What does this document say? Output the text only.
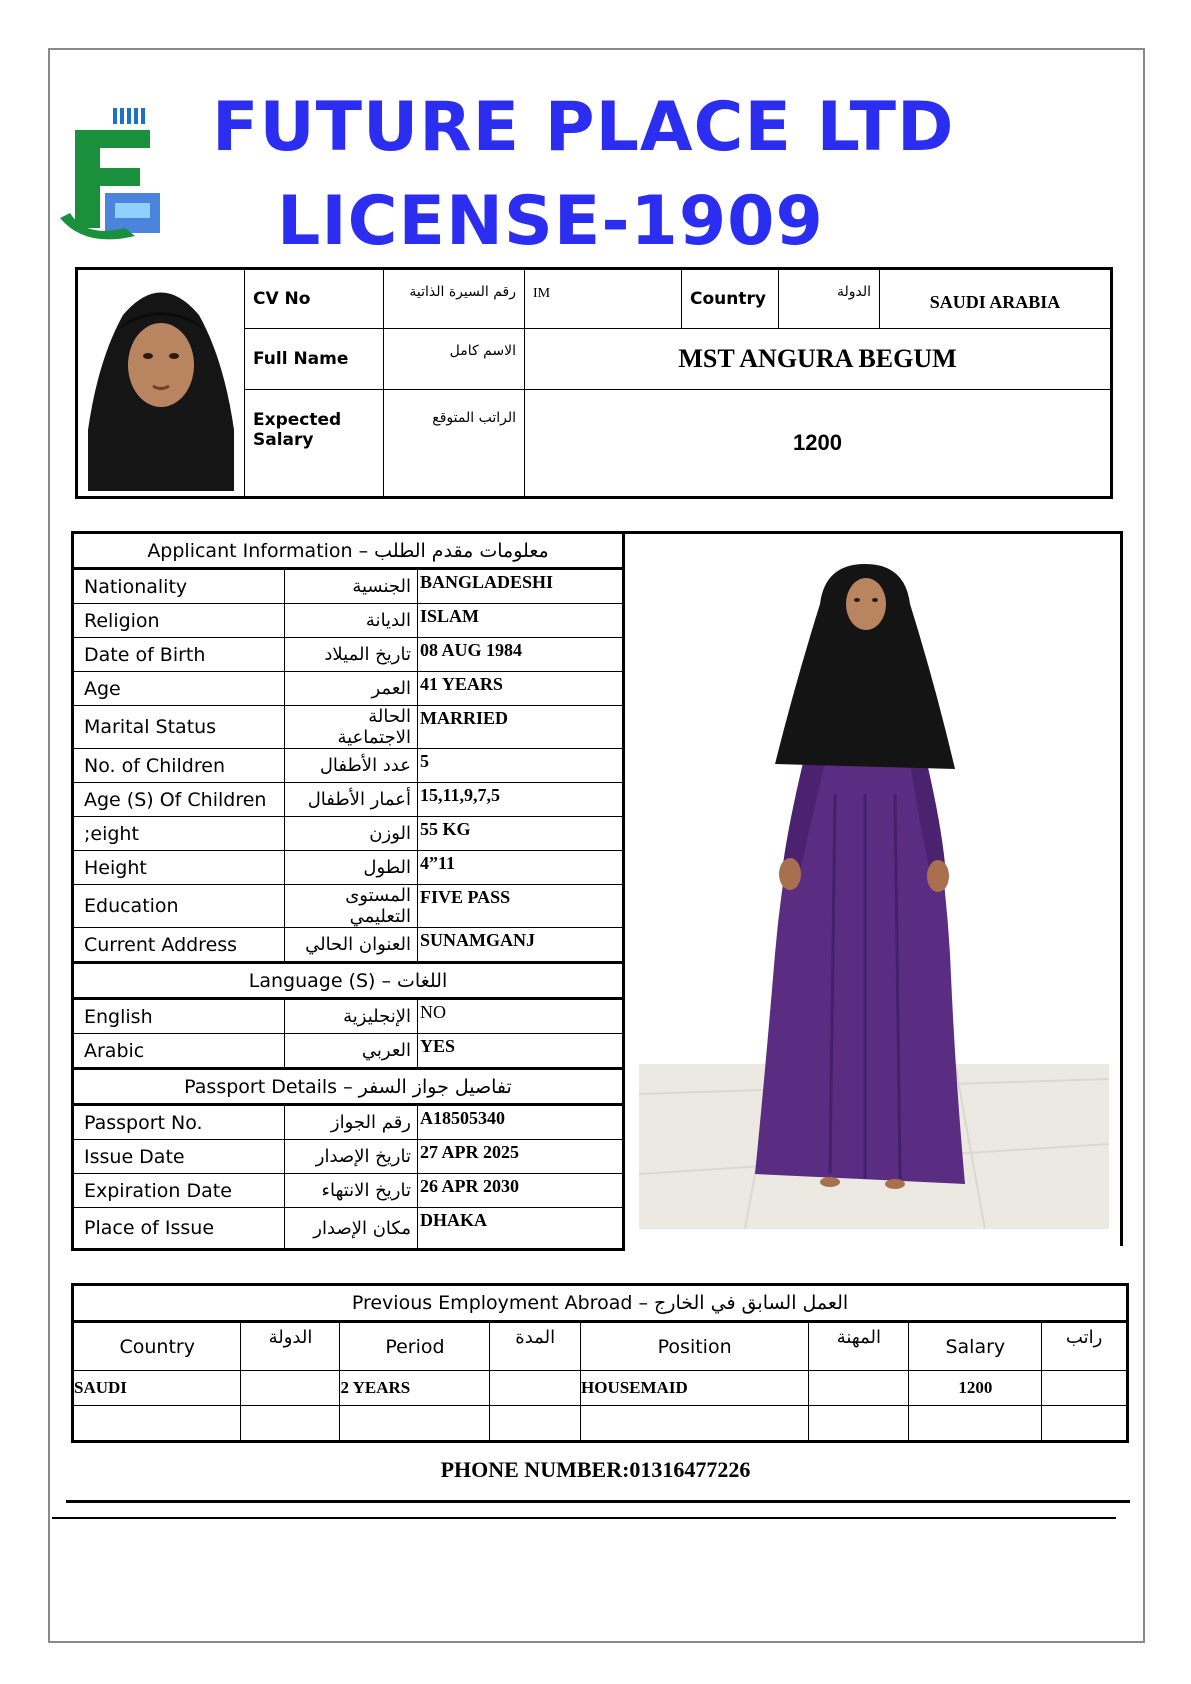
FUTURE PLACE LTD
LICENSE-1909
	CV No	رقم السيرة الذاتية	IM	Country	الدولة	SAUDI ARABIA
	Full Name	الاسم كامل	MST ANGURA BEGUM			
	Expected Salary	الراتب المتوقع	1200			
Applicant Information – معلومات مقدم الطلب		
Nationality	الجنسية	BANGLADESHI
Religion	الديانة	ISLAM
Date of Birth	تاريخ الميلاد	08 AUG 1984
Age	العمر	41 YEARS
Marital Status	الحالة الاجتماعية	MARRIED
No. of Children	عدد الأطفال	5
Age (S) Of Children	أعمار الأطفال	15,11,9,7,5
;eight	الوزن	55 KG
Height	الطول	4”11
Education	المستوى التعليمي	FIVE PASS
Current Address	العنوان الحالي	SUNAMGANJ
Language (S) – اللغات		
English	الإنجليزية	NO
Arabic	العربي	YES
Passport Details – تفاصيل جواز السفر		
Passport No.	رقم الجواز	A18505340
Issue Date	تاريخ الإصدار	27 APR 2025
Expiration Date	تاريخ الانتهاء	26 APR 2030
Place of Issue	مكان الإصدار	DHAKA
Previous Employment Abroad – العمل السابق في الخارج							
Country	الدولة	Period	المدة	Position	المهنة	Salary	راتب
SAUDI		2 YEARS		HOUSEMAID		1200	

PHONE NUMBER:01316477226
